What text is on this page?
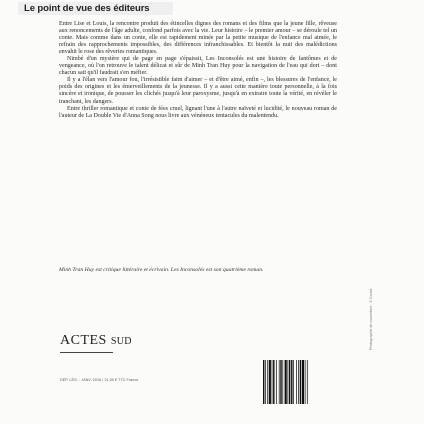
Le point de vue des éditeurs

Entre Lise et Louis, la rencontre produit des étincelles dignes des romans et des films que la jeune fille, rêveuse aux renoncements de l'âge adulte, confond parfois avec la vie. Leur histoire – le premier amour – se déroule tel un conte. Mais comme dans un conte, elle est rapidement minée par la petite musique de l'enfance mal aimée, le refrain des rapprochements impossibles, des différences infranchissables. Et bientôt la nuit des malédictions envahit le rose des rêveries romantiques.

Nimbé d'un mystère qui de page en page s'épaissit, Les Inconsolés est une histoire de fantômes et de vengeance, où l'on retrouve le talent délicat et sûr de Minh Tran Huy pour la navigation de l'eau qui dort – dont chacun sait qu'il faudrait s'en méfier.

Il y a l'élan vers l'amour fou, l'irrésistible faim d'aimer – et d'être aimé, enfin –, les blessures de l'enfance, le poids des origines et les émerveillements de la jeunesse. Il y a aussi cette manière toute personnelle, à la fois sincère et ironique, de pousser les clichés jusqu'à leur paroxysme, jusqu'à en extraire toute la vérité, en révéler le tranchant, les dangers.

Entre thriller romantique et conte de fées cruel, lignant l'une à l'autre naïveté et lucidité, le nouveau roman de l'auteur de La Double Vie d'Anna Song nous livre aux vénéneux tentacules du malentendu.

Minh Tran Huy est critique littéraire et écrivain. Les Inconsolés est son quatrième roman.
ACTES SUD
DÉP. LÉG. : JANV. 2016 / 21,50 € TTC France
Photographie de couverture : © Corbis
